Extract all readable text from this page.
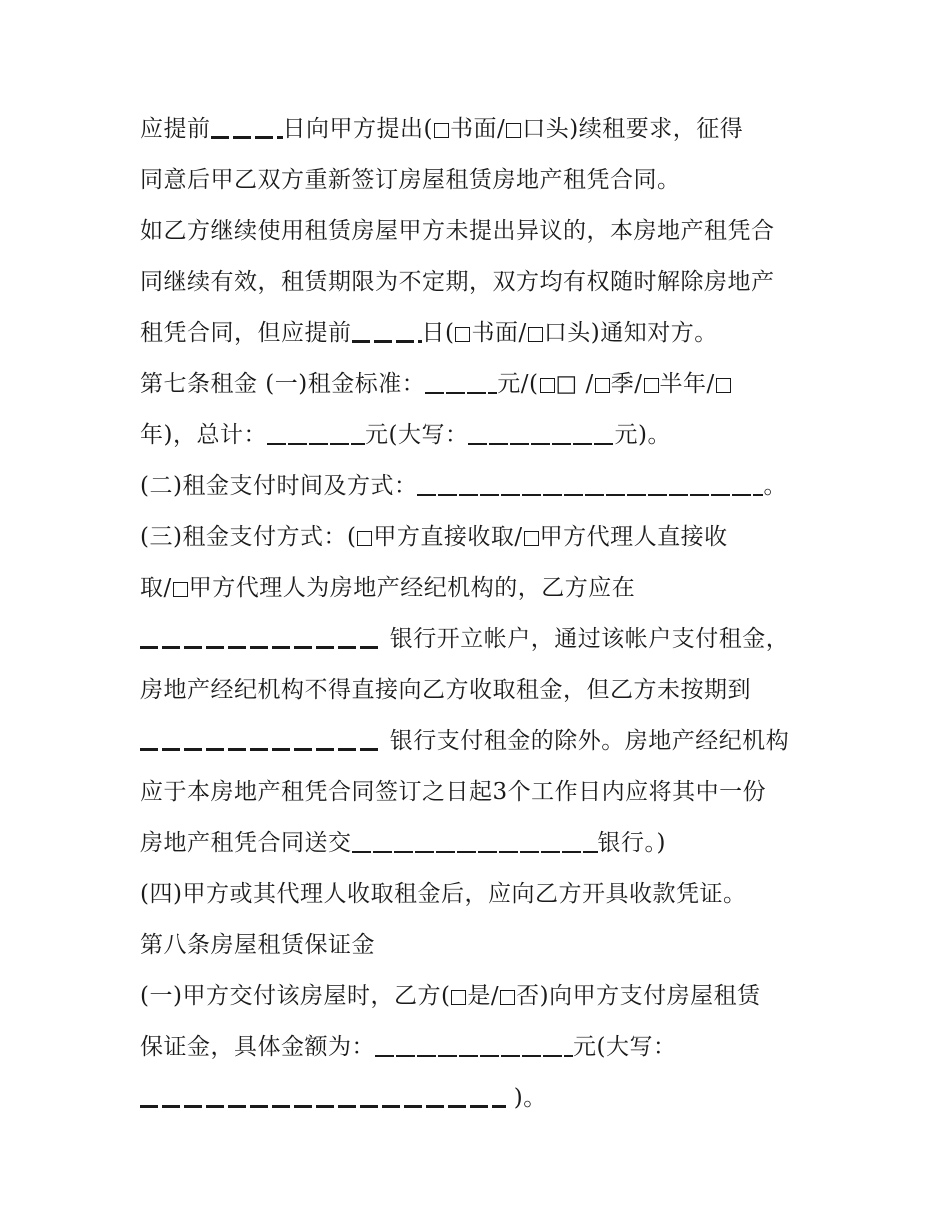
应提前	日向甲方提出( 书面/ 口头)续租要求，征得
同意后甲乙双方重新签订房屋租赁房地产租凭合同。
如乙方继续使用租赁房屋甲方未提出异议的，本房地产租凭合
同继续有效，租赁期限为不定期，双方均有权随时解除房地产
租凭合同，但应提前	日( 书面/ 口头)通知对方。
第七条租金 (一)租金标准：	元/( □ / 季/ 半年/
年)，总计：	元(大写：	元)。
(二)租金支付时间及方式：	。
(三)租金支付方式：( 甲方直接收取/ 甲方代理人直接收
取/ 甲方代理人为房地产经纪机构的，乙方应在
银行开立帐户，通过该帐户支付租金，
房地产经纪机构不得直接向乙方收取租金，但乙方未按期到
银行支付租金的除外。房地产经纪机构
应于本房地产租凭合同签订之日起3个工作日内应将其中一份
房地产租凭合同送交	银行。)
(四)甲方或其代理人收取租金后，应向乙方开具收款凭证。
第八条房屋租赁保证金
(一)甲方交付该房屋时，乙方( 是/ 否)向甲方支付房屋租赁
保证金，具体金额为：	元(大写：
)。
